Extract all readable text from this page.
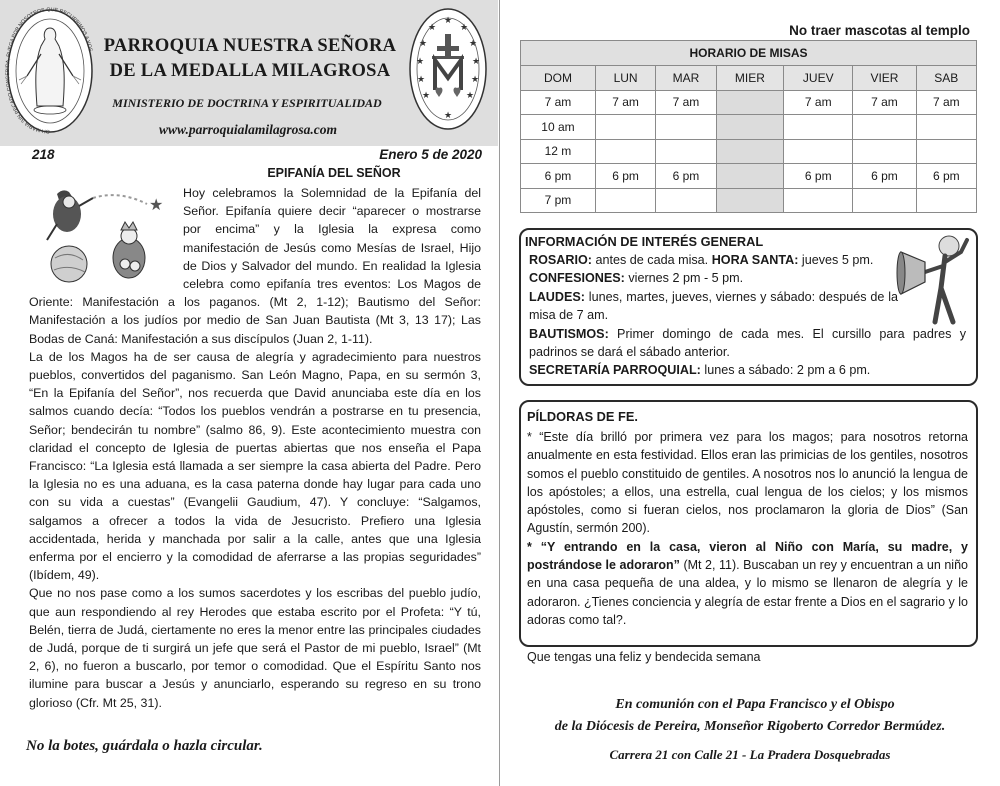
OH MARIA SIN PECADO CONCEBIDA, RUEGA POR NOSOTROS QUE RECURRIMOS A VOS PARROQUIA NUESTRA SEÑORA
DE LA MEDALLA MILAGROSA
★
★	★
★	★
★	★
★	★
★	★
★
MINISTERIO DE DOCTRINA Y ESPIRITUALIDAD
www.parroquialamilagrosa.com
218	Enero 5 de 2020
EPIFANÍA DEL SEÑOR
★

Hoy celebramos la Solemnidad de la Epifanía del Señor. Epifanía quiere decir “aparecer o mostrarse por encima” y la Iglesia la expresa como manifestación de Jesús como Mesías de Israel, Hijo de Dios y Salvador del mundo. En realidad la Iglesia celebra como epifanía tres eventos: Los Magos de Oriente: Manifestación a los paganos. (Mt 2, 1-12); Bautismo del Señor: Manifestación a los judíos por medio de San Juan Bautista (Mt 3, 13 17); Las Bodas de Caná: Manifestación a sus discípulos (Juan 2, 1-11).

La de los Magos ha de ser causa de alegría y agradecimiento para nuestros pueblos, convertidos del paganismo. San León Magno, Papa, en su sermón 3, “En la Epifanía del Señor”, nos recuerda que David anunciaba este día en los salmos cuando decía: “Todos los pueblos vendrán a postrarse en tu presencia, Señor; bendecirán tu nombre” (salmo 86, 9). Este acontecimiento muestra con claridad el concepto de Iglesia de puertas abiertas que nos enseña el Papa Francisco: “La Iglesia está llamada a ser siempre la casa abierta del Padre. Pero la Iglesia no es una aduana, es la casa paterna donde hay lugar para cada uno con su vida a cuestas” (Evangelii Gaudium, 47). Y concluye: “Salgamos, salgamos a ofrecer a todos la vida de Jesucristo. Prefiero una Iglesia accidentada, herida y manchada por salir a la calle, antes que una Iglesia enferma por el encierro y la comodidad de aferrarse a las propias seguridades” (Ibídem, 49).

Que no nos pase como a los sumos sacerdotes y los escribas del pueblo judío, que aun respondiendo al rey Herodes que estaba escrito por el Profeta: “Y tú, Belén, tierra de Judá, ciertamente no eres la menor entre las principales ciudades de Judá, porque de ti surgirá un jefe que será el Pastor de mi pueblo, Israel” (Mt 2, 6), no fueron a buscarlo, por temor o comodidad. Que el Espíritu Santo nos ilumine para buscar a Jesús y anunciarlo, esperando su regreso en su trono glorioso (Cfr. Mt 25, 31).

No la botes, guárdala o hazla circular.
No traer mascotas al templo
HORARIO DE MISAS						
DOM	LUN	MAR	MIER	JUEV	VIER	SAB
7 am	7 am	7 am		7 am	7 am	7 am
10 am						
12 m						
6 pm	6 pm	6 pm		6 pm	6 pm	6 pm
7 pm						
INFORMACIÓN DE INTERÉS GENERAL

ROSARIO: antes de cada misa. HORA SANTA: jueves 5 pm.

CONFESIONES: viernes 2 pm - 5 pm.

LAUDES: lunes, martes, jueves, viernes y sábado: después de la misa de 7 am.

BAUTISMOS: Primer domingo de cada mes. El cursillo para padres y padrinos se dará el sábado anterior.

SECRETARÍA PARROQUIAL: lunes a sábado: 2 pm a 6 pm.

PÍLDORAS DE FE.

* “Este día brilló por primera vez para los magos; para nosotros retorna anualmente en esta festividad. Ellos eran las primicias de los gentiles, nosotros somos el pueblo constituido de gentiles. A nosotros nos lo anunció la lengua de los apóstoles; a ellos, una estrella, cual lengua de los cielos; y los mismos apóstoles, como si fueran cielos, nos proclamaron la gloria de Dios” (San Agustín, sermón 200).

* “Y entrando en la casa, vieron al Niño con María, su madre, y postrándose le adoraron” (Mt 2, 11). Buscaban un rey y encuentran a un niño en una casa pequeña de una aldea, y lo mismo se llenaron de alegría y le adoraron. ¿Tienes conciencia y alegría de estar frente a Dios en el sagrario y lo adoras como tal?.

Que tengas una feliz y bendecida semana
En comunión con el Papa Francisco y el Obispo
de la Diócesis de Pereira, Monseñor Rigoberto Corredor Bermúdez.
Carrera 21 con Calle 21 - La Pradera Dosquebradas
